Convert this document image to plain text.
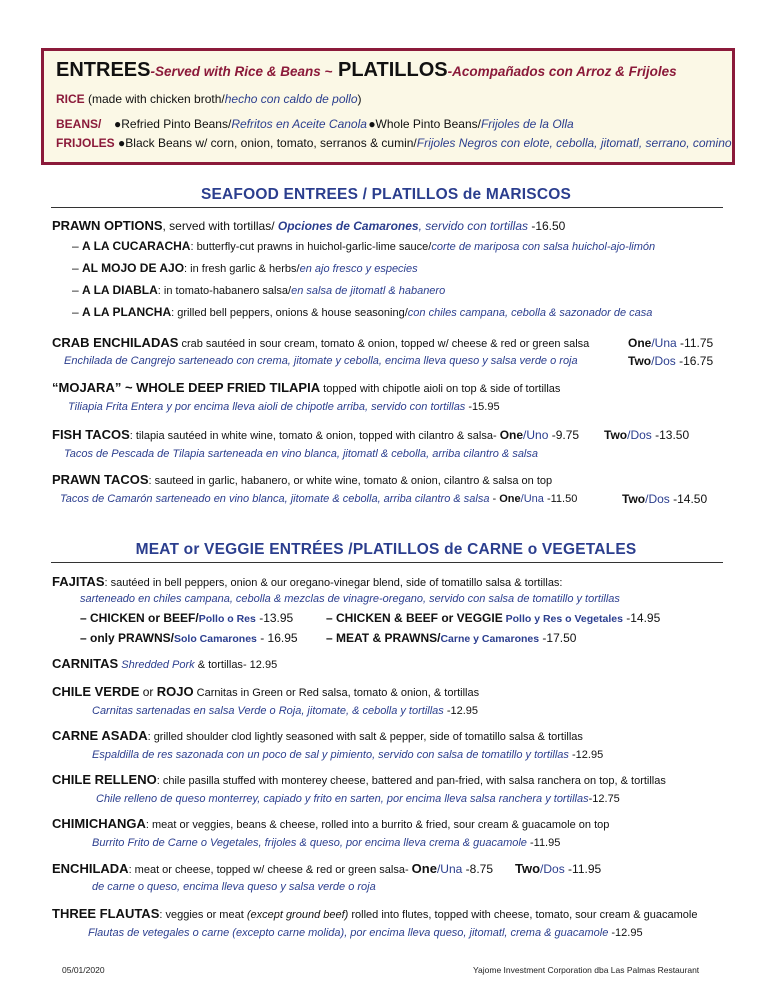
ENTREES-Served with Rice & Beans ~ PLATILLOS-Acompañados con Arroz & Frijoles
RICE (made with chicken broth/hecho con caldo de pollo)
BEANS/ ●Refried Pinto Beans/Refritos en Aceite Canola●Whole Pinto Beans/Frijoles de la Olla
FRIJOLES ●Black Beans w/ corn, onion, tomato, serranos & cumin/Frijoles Negros con elote, cebolla, jitomatl, serrano, comino
SEAFOOD ENTREES / PLATILLOS de MARISCOS
PRAWN OPTIONS, served with tortillas/ Opciones de Camarones, servido con tortillas -16.50
– A LA CUCARACHA: butterfly-cut prawns in huichol-garlic-lime sauce/corte de mariposa con salsa huichol-ajo-limón
– AL MOJO DE AJO: in fresh garlic & herbs/en ajo fresco y especies
– A LA DIABLA: in tomato-habanero salsa/en salsa de jitomatl & habanero
– A LA PLANCHA: grilled bell peppers, onions & house seasoning/con chiles campana, cebolla & sazonador de casa
CRAB ENCHILADAS crab sautéed in sour cream, tomato & onion, topped w/ cheese & red or green salsa	One/Una -11.75
Enchilada de Cangrejo sarteneado con crema, jitomate y cebolla, encima lleva queso y salsa verde o roja	Two/Dos -16.75
“MOJARA” ~ WHOLE DEEP FRIED TILAPIA topped with chipotle aioli on top & side of tortillas
Tiliapia Frita Entera y por encima lleva aioli de chipotle arriba, servido con tortillas -15.95
FISH TACOS: tilapia sautéed in white wine, tomato & onion, topped with cilantro & salsa- One/Uno -9.75	Two/Dos -13.50
Tacos de Pescada de Tilapia sarteneada en vino blanca, jitomatl & cebolla, arriba cilantro & salsa
PRAWN TACOS: sauteed in garlic, habanero, or white wine, tomato & onion, cilantro & salsa on top
Tacos de Camarón sarteneado en vino blanca, jitomate & cebolla, arriba cilantro & salsa - One/Una -11.50	Two/Dos -14.50
MEAT or VEGGIE ENTRÉES /PLATILLOS de CARNE o VEGETALES
FAJITAS: sautéed in bell peppers, onion & our oregano-vinegar blend, side of tomatillo salsa & tortillas:
sarteneado en chiles campana, cebolla & mezclas de vinagre-oregano, servido con salsa de tomatillo y tortillas
– CHICKEN or BEEF/Pollo o Res -13.95	– CHICKEN & BEEF or VEGGIE Pollo y Res o Vegetales -14.95
– only PRAWNS/Solo Camarones - 16.95 – MEAT & PRAWNS/Carne y Camarones -17.50
CARNITAS Shredded Pork & tortillas- 12.95
CHILE VERDE or ROJO Carnitas in Green or Red salsa, tomato & onion, & tortillas
Carnitas sartenadas en salsa Verde o Roja, jitomate, & cebolla y tortillas -12.95
CARNE ASADA: grilled shoulder clod lightly seasoned with salt & pepper, side of tomatillo salsa & tortillas
Espaldilla de res sazonada con un poco de sal y pimiento, servido con salsa de tomatillo y tortillas -12.95
CHILE RELLENO: chile pasilla stuffed with monterey cheese, battered and pan-fried, with salsa ranchera on top, & tortillas
Chile relleno de queso monterrey, capiado y frito en sarten, por encima lleva salsa ranchera y tortillas-12.75
CHIMICHANGA: meat or veggies, beans & cheese, rolled into a burrito & fried, sour cream & guacamole on top
Burrito Frito de Carne o Vegetales, frijoles & queso, por encima lleva crema & guacamole -11.95
ENCHILADA: meat or cheese, topped w/ cheese & red or green salsa- One/Una -8.75	Two/Dos -11.95
de carne o queso, encima lleva queso y salsa verde o roja
THREE FLAUTAS: veggies or meat (except ground beef) rolled into flutes, topped with cheese, tomato, sour cream & guacamole
Flautas de vetegales o carne (excepto carne molida), por encima lleva queso, jitomatl, crema & guacamole -12.95
05/01/2020	Yajome Investment Corporation dba Las Palmas Restaurant
